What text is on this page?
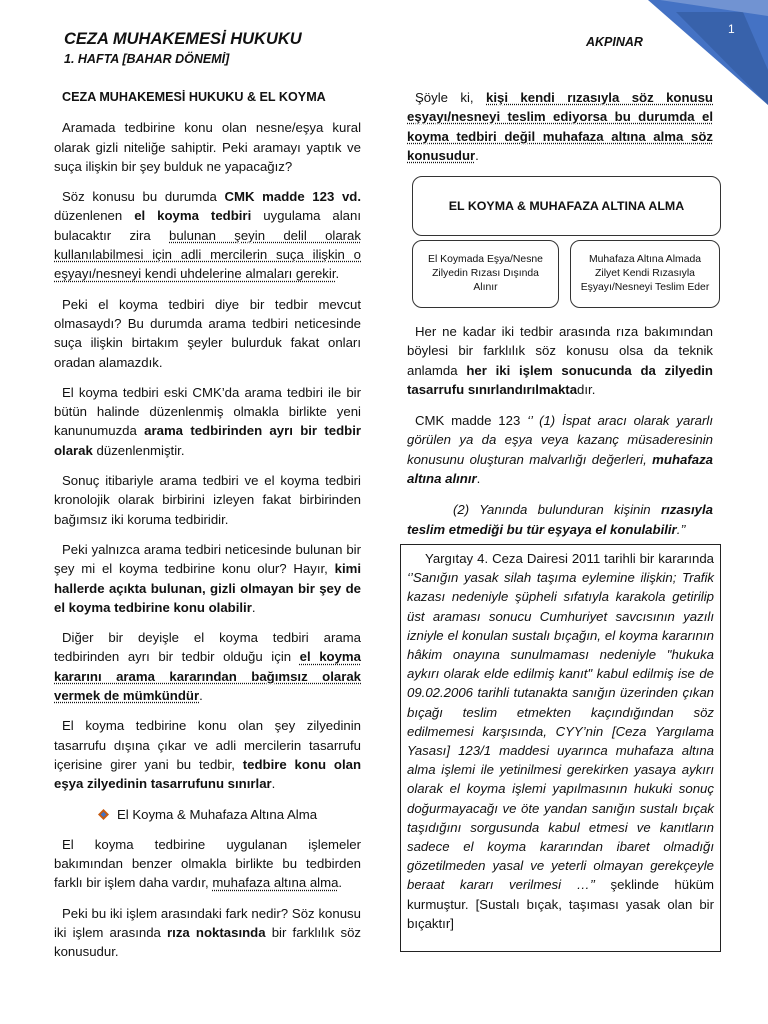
1
CEZA MUHAKEMESİ HUKUKU
1. HAFTA [BAHAR DÖNEMİ]
AKPINAR

CEZA MUHAKEMESİ HUKUKU & EL KOYMA

Aramada tedbirine konu olan nesne/eşya kural olarak gizli niteliğe sahiptir. Peki aramayı yaptık ve suça ilişkin bir şey bulduk ne yapacağız?

Söz konusu bu durumda CMK madde 123 vd. düzenlenen el koyma tedbiri uygulama alanı bulacaktır zira bulunan şeyin delil olarak kullanılabilmesi için adli mercilerin suça ilişkin o eşyayı/nesneyi kendi uhdelerine almaları gerekir.

Peki el koyma tedbiri diye bir tedbir mevcut olmasaydı? Bu durumda arama tedbiri neticesinde suça ilişkin birtakım şeyler bulurduk fakat onları oradan alamazdık.

El koyma tedbiri eski CMK’da arama tedbiri ile bir bütün halinde düzenlenmiş olmakla birlikte yeni kanunumuzda arama tedbirinden ayrı bir tedbir olarak düzenlenmiştir.

Sonuç itibariyle arama tedbiri ve el koyma tedbiri kronolojik olarak birbirini izleyen fakat birbirinden bağımsız iki koruma tedbiridir.

Peki yalnızca arama tedbiri neticesinde bulunan bir şey mi el koyma tedbirine konu olur? Hayır, kimi hallerde açıkta bulunan, gizli olmayan bir şey de el koyma tedbirine konu olabilir.

Diğer bir deyişle el koyma tedbiri arama tedbirinden ayrı bir tedbir olduğu için el koyma kararını arama kararından bağımsız olarak vermek de mümkündür.

El koyma tedbirine konu olan şey zilyedinin tasarrufu dışına çıkar ve adli mercilerin tasarrufu içerisine girer yani bu tedbir, tedbire konu olan eşya zilyedinin tasarrufunu sınırlar.

El Koyma & Muhafaza Altına Alma

El koyma tedbirine uygulanan işlemeler bakımından benzer olmakla birlikte bu tedbirden farklı bir işlem daha vardır, muhafaza altına alma.

Peki bu iki işlem arasındaki fark nedir? Söz konusu iki işlem arasında rıza noktasında bir farklılık söz konusudur.

Şöyle ki, kişi kendi rızasıyla söz konusu eşyayı/nesneyi teslim ediyorsa bu durumda el koyma tedbiri değil muhafaza altına alma söz konusudur.

EL KOYMA & MUHAFAZA ALTINA ALMA
El Koymada Eşya/Nesne Zilyedin Rızası Dışında Alınır
Muhafaza Altına Almada Zilyet Kendi Rızasıyla Eşyayı/Nesneyi Teslim Eder

Her ne kadar iki tedbir arasında rıza bakımından böylesi bir farklılık söz konusu olsa da teknik anlamda her iki işlem sonucunda da zilyedin tasarrufu sınırlandırılmaktadır.

CMK madde 123 ‘’ (1) İspat aracı olarak yararlı görülen ya da eşya veya kazanç müsaderesinin konusunu oluşturan malvarlığı değerleri, muhafaza altına alınır.

(2) Yanında bulunduran kişinin rızasıyla teslim etmediği bu tür eşyaya el konulabilir.’’

Yargıtay 4. Ceza Dairesi 2011 tarihli bir kararında ‘’Sanığın yasak silah taşıma eylemine ilişkin; Trafik kazası nedeniyle şüpheli sıfatıyla karakola getirilip üst araması sonucu Cumhuriyet savcısının yazılı izniyle el konulan sustalı bıçağın, el koyma kararının hâkim onayına sunulmaması nedeniyle "hukuka aykırı olarak elde edilmiş kanıt" kabul edilmiş ise de 09.02.2006 tarihli tutanakta sanığın üzerinden çıkan bıçağı teslim etmekten kaçındığından söz edilmemesi karşısında, CYY’nin [Ceza Yargılama Yasası] 123/1 maddesi uyarınca muhafaza altına alma işlemi ile yetinilmesi gerekirken yasaya aykırı olarak el koyma işlemi yapılmasının hukuki sonuç doğurmayacağı ve öte yandan sanığın sustalı bıçak taşıdığını sorgusunda kabul etmesi ve kanıtların sadece el koyma kararından ibaret olmadığı gözetilmeden yasal ve yeterli olmayan gerekçeyle beraat kararı verilmesi …’’ şeklinde hüküm kurmuştur. [Sustalı bıçak, taşıması yasak olan bir bıçaktır]
